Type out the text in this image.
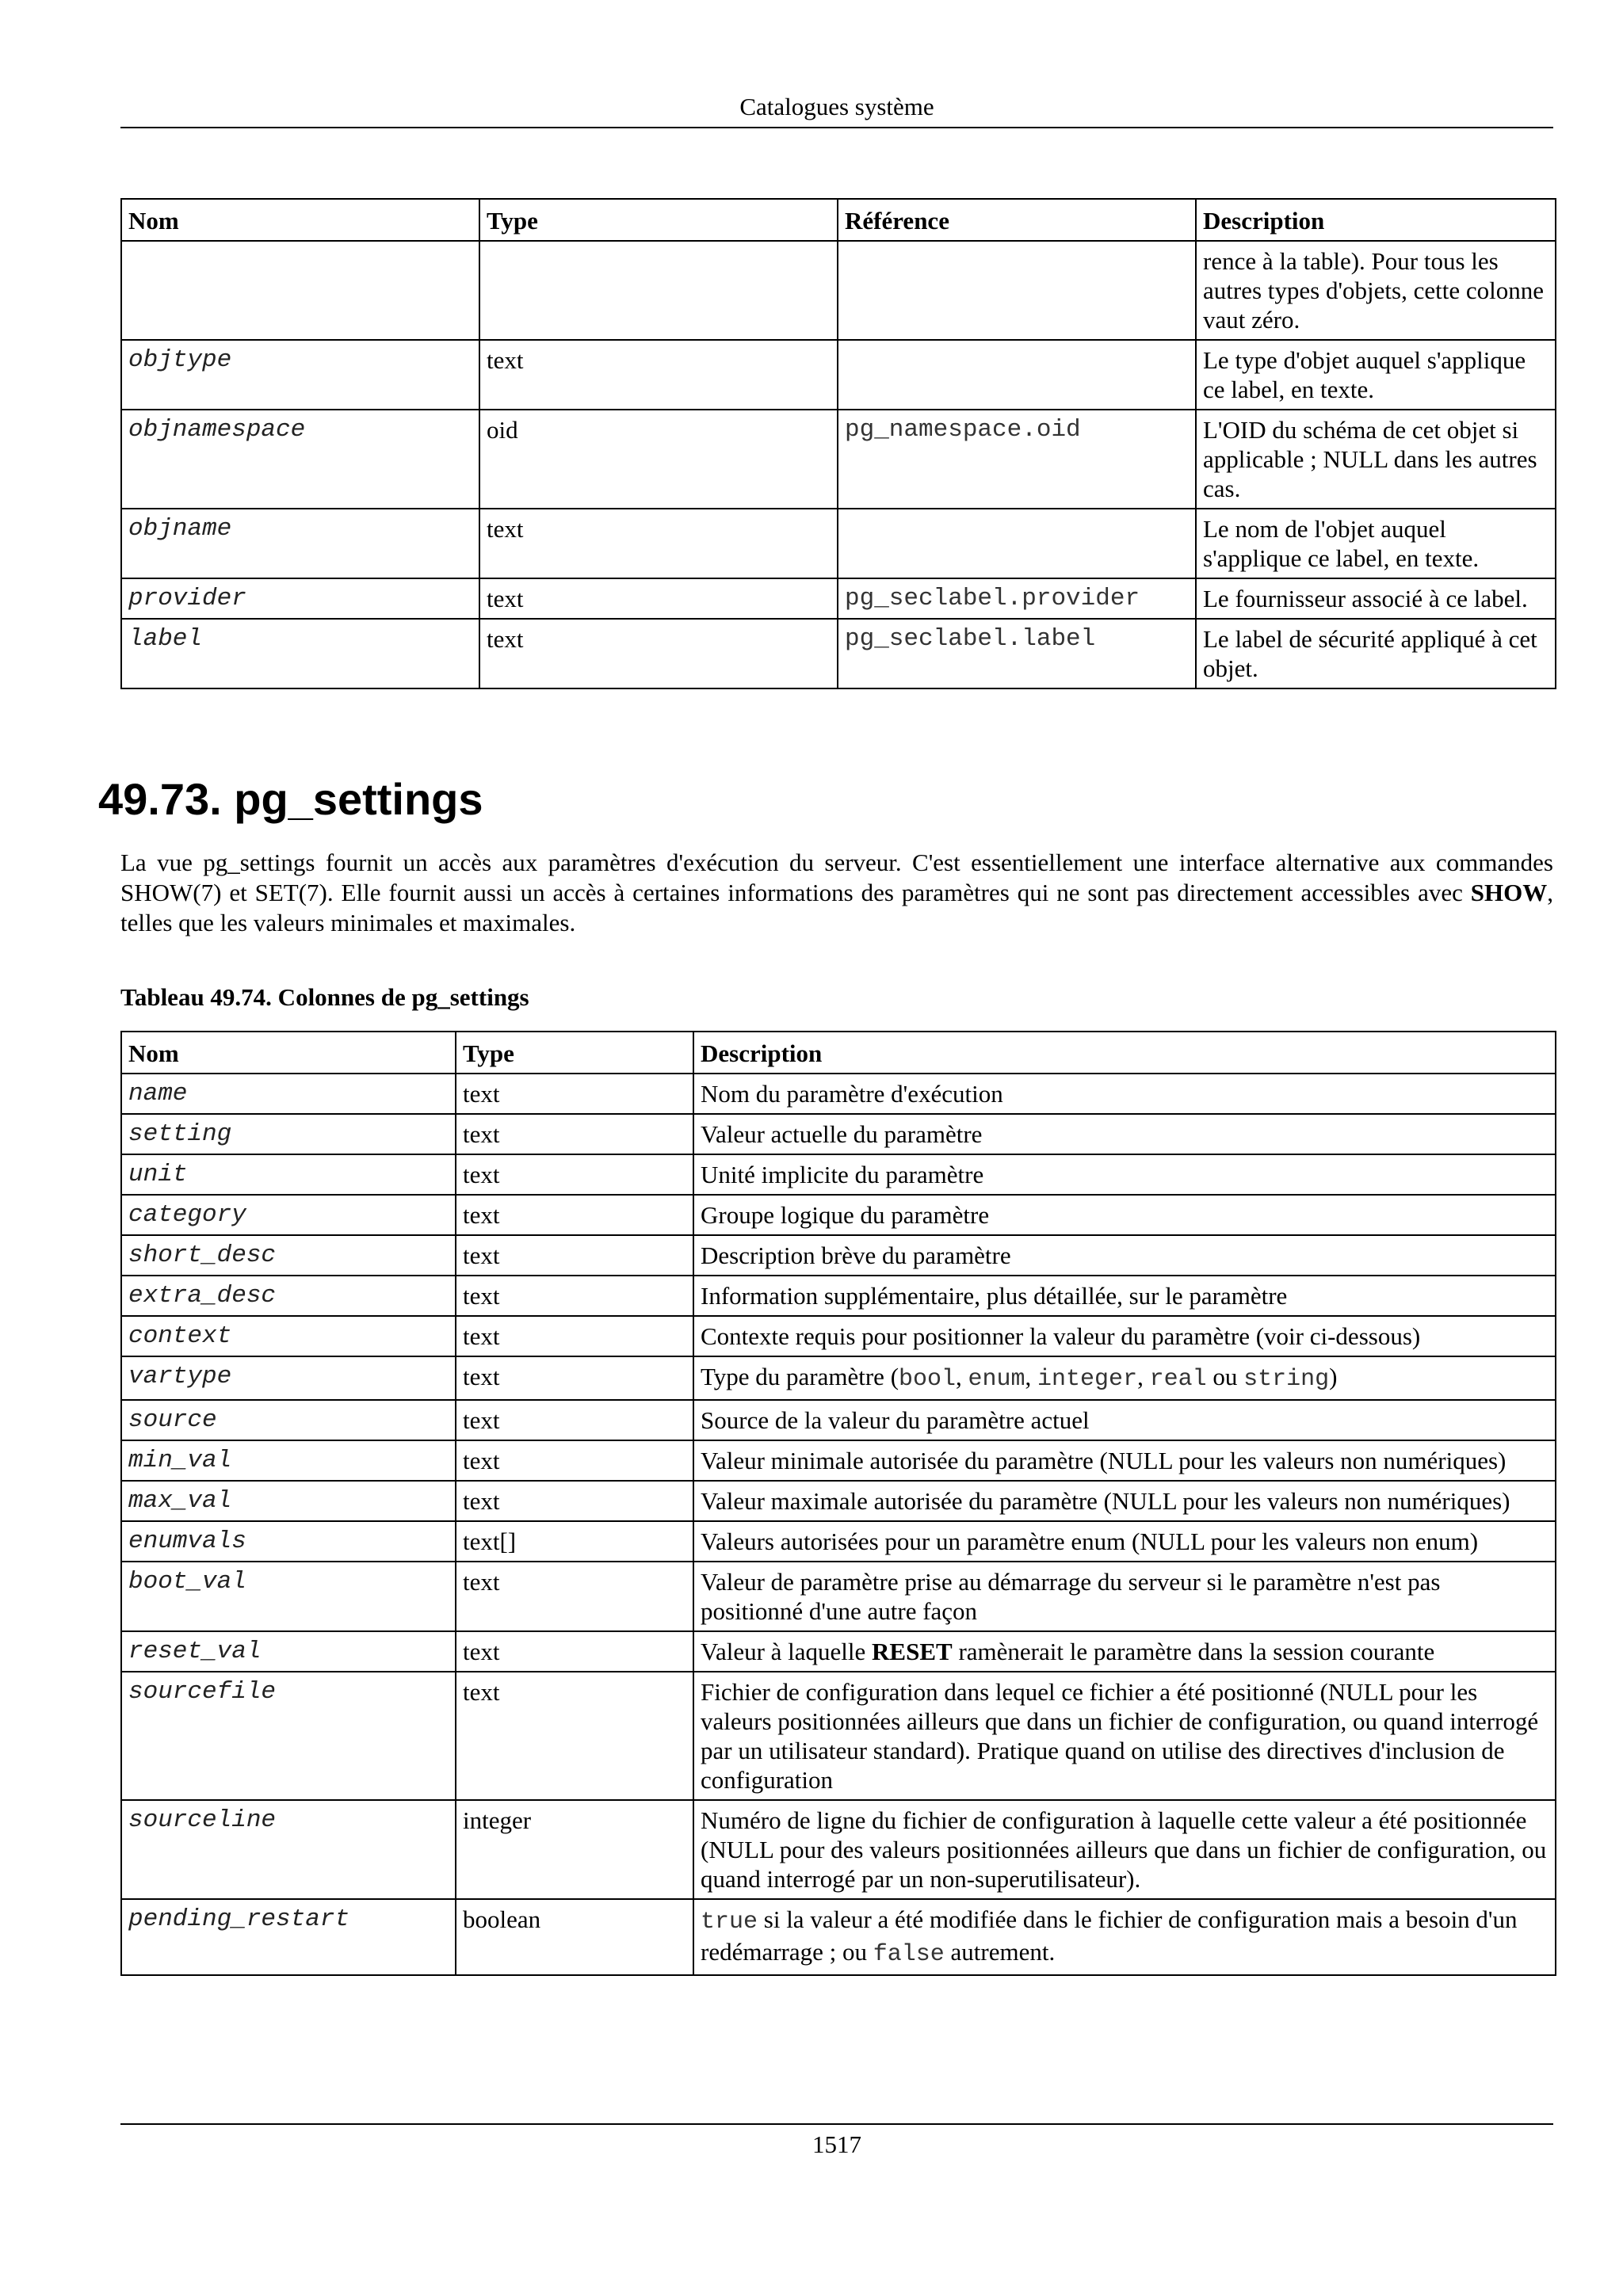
Catalogues système
Nom	Type	Référence	Description
			rence à la table). Pour tous les autres types d'objets, cette colonne vaut zéro.
objtype	text		Le type d'objet auquel s'applique ce label, en texte.
objnamespace	oid	pg_namespace.oid	L'OID du schéma de cet objet si applicable ; NULL dans les autres cas.
objname	text		Le nom de l'objet auquel s'applique ce label, en texte.
provider	text	pg_seclabel.provider	Le fournisseur associé à ce label.
label	text	pg_seclabel.label	Le label de sécurité appliqué à cet objet.
49.73. pg_settings

La vue pg_settings fournit un accès aux paramètres d'exécution du serveur. C'est essentiellement une interface alternative aux commandes SHOW(7) et SET(7). Elle fournit aussi un accès à certaines informations des paramètres qui ne sont pas directement accessibles avec SHOW, telles que les valeurs minimales et maximales.

Tableau 49.74. Colonnes de pg_settings

Nom	Type	Description
name	text	Nom du paramètre d'exécution
setting	text	Valeur actuelle du paramètre
unit	text	Unité implicite du paramètre
category	text	Groupe logique du paramètre
short_desc	text	Description brève du paramètre
extra_desc	text	Information supplémentaire, plus détaillée, sur le paramètre
context	text	Contexte requis pour positionner la valeur du paramètre (voir ci-dessous)
vartype	text	Type du paramètre (bool, enum, integer, real ou string)
source	text	Source de la valeur du paramètre actuel
min_val	text	Valeur minimale autorisée du paramètre (NULL pour les valeurs non numériques)
max_val	text	Valeur maximale autorisée du paramètre (NULL pour les valeurs non numériques)
enumvals	text[]	Valeurs autorisées pour un paramètre enum (NULL pour les valeurs non enum)
boot_val	text	Valeur de paramètre prise au démarrage du serveur si le paramètre n'est pas positionné d'une autre façon
reset_val	text	Valeur à laquelle RESET ramènerait le paramètre dans la session courante
sourcefile	text	Fichier de configuration dans lequel ce fichier a été positionné (NULL pour les valeurs positionnées ailleurs que dans un fichier de configuration, ou quand interrogé par un utilisateur standard). Pratique quand on utilise des directives d'inclusion de configuration
sourceline	integer	Numéro de ligne du fichier de configuration à laquelle cette valeur a été positionnée (NULL pour des valeurs positionnées ailleurs que dans un fichier de configuration, ou quand interrogé par un non-superutilisateur).
pending_restart	boolean	true si la valeur a été modifiée dans le fichier de configuration mais a besoin d'un redémarrage ; ou false autrement.
1517
